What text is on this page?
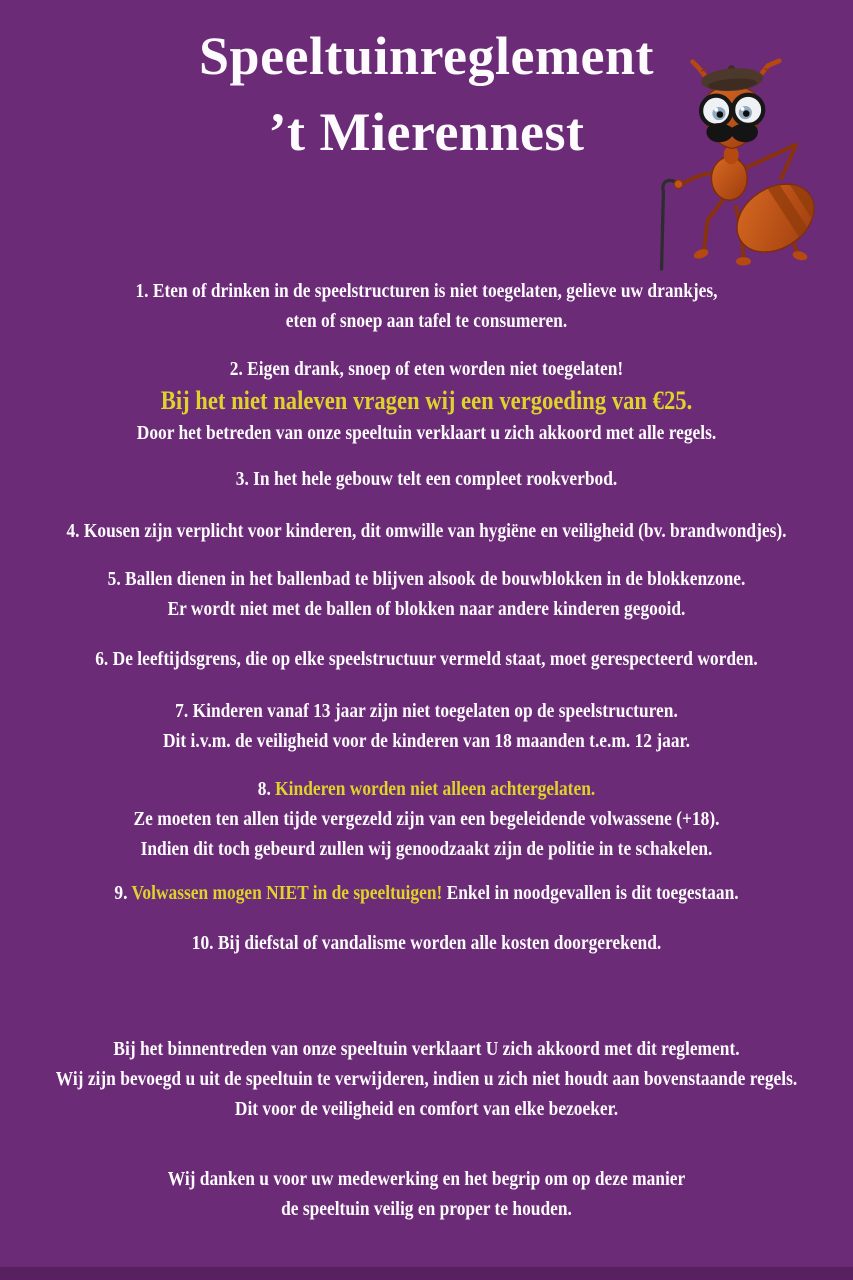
Speeltuinreglement
’t Mierennest
1. Eten of drinken in de speelstructuren is niet toegelaten, gelieve uw drankjes,
eten of snoep aan tafel te consumeren.
2. Eigen drank, snoep of eten worden niet toegelaten!
Bij het niet naleven vragen wij een vergoeding van €25.
Door het betreden van onze speeltuin verklaart u zich akkoord met alle regels.
3. In het hele gebouw telt een compleet rookverbod.
4. Kousen zijn verplicht voor kinderen, dit omwille van hygiëne en veiligheid (bv. brandwondjes).
5. Ballen dienen in het ballenbad te blijven alsook de bouwblokken in de blokkenzone.
Er wordt niet met de ballen of blokken naar andere kinderen gegooid.
6. De leeftijdsgrens, die op elke speelstructuur vermeld staat, moet gerespecteerd worden.
7. Kinderen vanaf 13 jaar zijn niet toegelaten op de speelstructuren.
Dit i.v.m. de veiligheid voor de kinderen van 18 maanden t.e.m. 12 jaar.
8. Kinderen worden niet alleen achtergelaten.
Ze moeten ten allen tijde vergezeld zijn van een begeleidende volwassene (+18).
Indien dit toch gebeurd zullen wij genoodzaakt zijn de politie in te schakelen.
9. Volwassen mogen NIET in de speeltuigen! Enkel in noodgevallen is dit toegestaan.
10. Bij diefstal of vandalisme worden alle kosten doorgerekend.
Bij het binnentreden van onze speeltuin verklaart U zich akkoord met dit reglement.
Wij zijn bevoegd u uit de speeltuin te verwijderen, indien u zich niet houdt aan bovenstaande regels.
Dit voor de veiligheid en comfort van elke bezoeker.
Wij danken u voor uw medewerking en het begrip om op deze manier
de speeltuin veilig en proper te houden.
